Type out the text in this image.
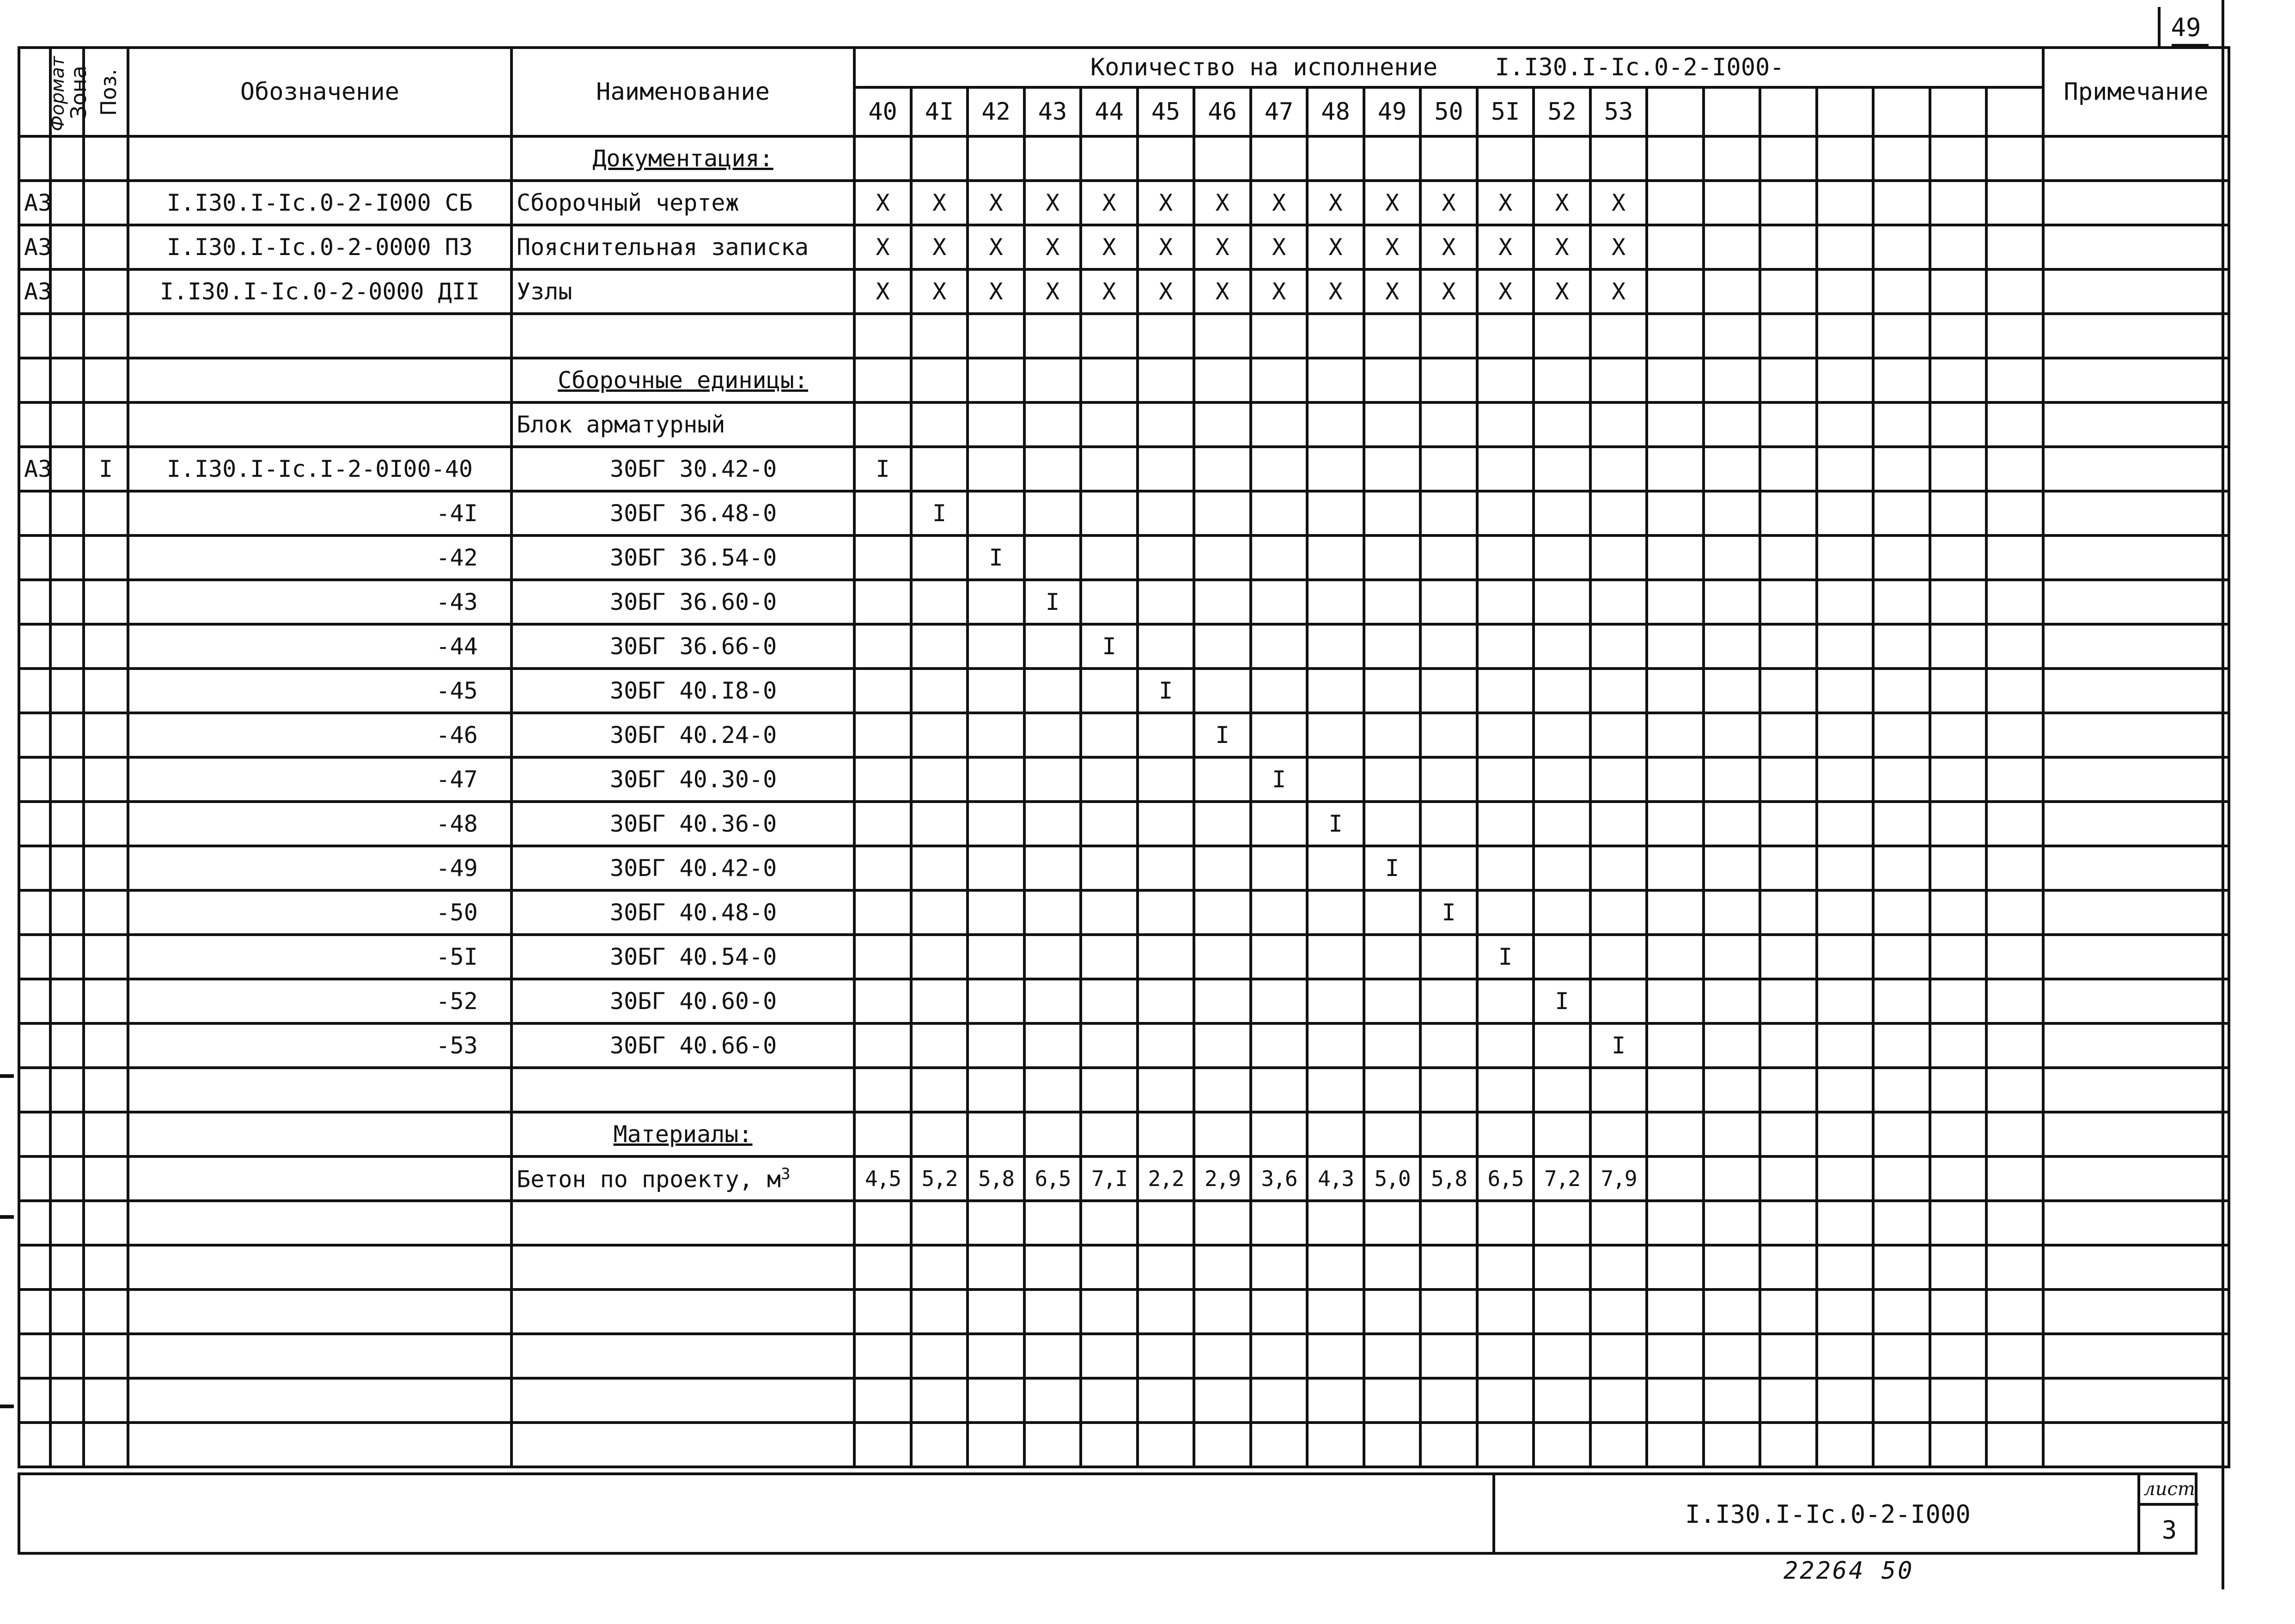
49
Формат	Зона	Поз.	Обозначение	Наименование	Количество на исполнение I.I30.I-Ic.0-2-I000-																					Примечание
					40	4I	42	43	44	45	46	47	48	49	50	5I	52	53								
				Документация:																						
А3			I.I30.I-Ic.0-2-I000 СБ	Сборочный чертеж	Х	Х	Х	Х	Х	Х	Х	Х	Х	Х	Х	Х	Х	Х								
А3			I.I30.I-Ic.0-2-0000 ПЗ	Пояснительная записка	Х	Х	Х	Х	Х	Х	Х	Х	Х	Х	Х	Х	Х	Х								
А3			I.I30.I-Ic.0-2-0000 ДII	Узлы	Х	Х	Х	Х	Х	Х	Х	Х	Х	Х	Х	Х	Х	Х								

				Сборочные единицы:																						
				Блок арматурный																						
А3		I	I.I30.I-Ic.I-2-0I00-40	30БГ 30.42-0	I																					
			-4I	30БГ 36.48-0		I																				
			-42	30БГ 36.54-0			I																			
			-43	30БГ 36.60-0				I																		
			-44	30БГ 36.66-0					I																	
			-45	30БГ 40.I8-0						I																
			-46	30БГ 40.24-0							I															
			-47	30БГ 40.30-0								I														
			-48	30БГ 40.36-0									I													
			-49	30БГ 40.42-0										I												
			-50	30БГ 40.48-0											I											
			-5I	30БГ 40.54-0												I										
			-52	30БГ 40.60-0													I									
			-53	30БГ 40.66-0														I								

				Материалы:																						
				Бетон по проекту, $м^3$	4,5	5,2	5,8	6,5	7,I	2,2	2,9	3,6	4,3	5,0	5,8	6,5	7,2	7,9								

I.I30.I-Ic.0-2-I000
лист
3
22264 50
